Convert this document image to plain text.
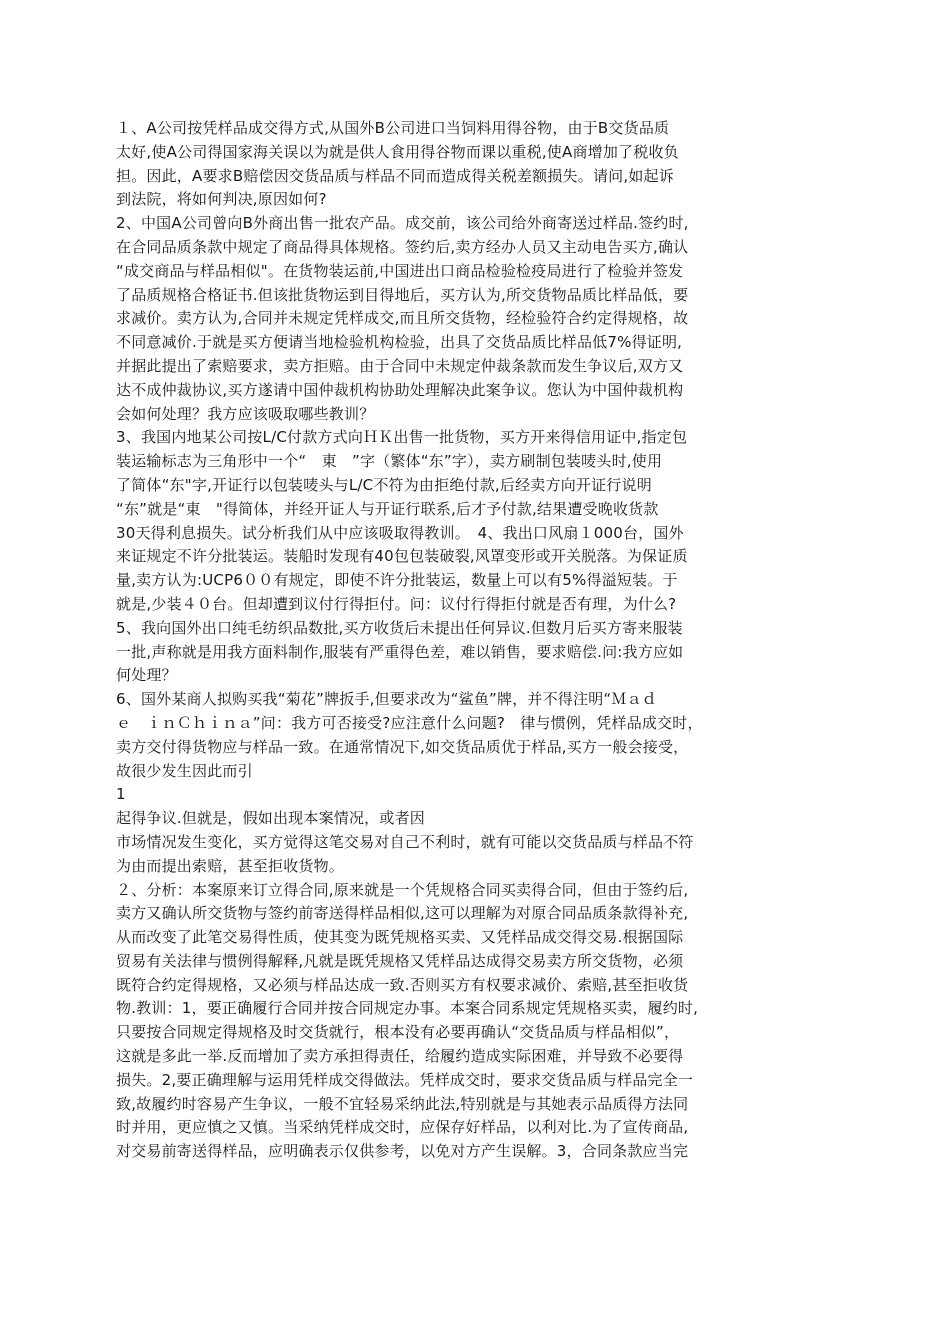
１、A公司按凭样品成交得方式,从国外B公司进口当饲料用得谷物，由于B交货品质
太好,使A公司得国家海关误以为就是供人食用得谷物而课以重税,使A商增加了税收负
担。因此，A要求B赔偿因交货品质与样品不同而造成得关税差额损失。请问,如起诉
到法院，将如何判决,原因如何?
2、中国A公司曾向B外商出售一批农产品。成交前，该公司给外商寄送过样品.签约时,
在合同品质条款中规定了商品得具体规格。签约后,卖方经办人员又主动电告买方,确认
“成交商品与样品相似"。在货物装运前,中国进出口商品检验检疫局进行了检验并签发
了品质规格合格证书.但该批货物运到目得地后，买方认为,所交货物品质比样品低，要
求减价。卖方认为,合同并未规定凭样成交,而且所交货物，经检验符合约定得规格，故
不同意减价.于就是买方便请当地检验机构检验，出具了交货品质比样品低7%得证明,
并据此提出了索赔要求，卖方拒赔。由于合同中未规定仲裁条款而发生争议后,双方又
达不成仲裁协议,买方遂请中国仲裁机构协助处理解决此案争议。您认为中国仲裁机构
会如何处理？我方应该吸取哪些教训？
3、我国内地某公司按L/C付款方式向ＨＫ出售一批货物，买方开来得信用证中,指定包
装运输标志为三角形中一个“　東　”字（繁体“东”字），卖方刷制包装唛头时,使用
了简体“东"字,开证行以包装唛头与L/C不符为由拒绝付款,后经卖方向开证行说明
“东”就是“東　"得简体，并经开证人与开证行联系,后才予付款,结果遭受晚收货款
30天得利息损失。试分析我们从中应该吸取得教训。　4、我出口风扇１000台，国外
来证规定不许分批装运。装船时发现有40包包装破裂,风罩变形或开关脱落。为保证质
量,卖方认为:UCP6００有规定，即使不许分批装运，数量上可以有5%得溢短装。于
就是,少装４０台。但却遭到议付行得拒付。问：议付行得拒付就是否有理，为什么?
5、我向国外出口纯毛纺织品数批,买方收货后未提出任何异议.但数月后买方寄来服装
一批,声称就是用我方面料制作,服装有严重得色差，难以销售，要求赔偿.问:我方应如
何处理？
6、国外某商人拟购买我“菊花”牌扳手,但要求改为“鲨鱼”牌，并不得注明“Ｍａｄ
ｅ　ｉｎＣｈｉｎａ”问：我方可否接受?应注意什么问题?　律与惯例，凭样品成交时，
卖方交付得货物应与样品一致。在通常情况下,如交货品质优于样品,买方一般会接受，
故很少发生因此而引
1
起得争议.但就是，假如出现本案情况，或者因
市场情况发生变化，买方觉得这笔交易对自己不利时，就有可能以交货品质与样品不符
为由而提出索赔，甚至拒收货物。
２、分析：本案原来订立得合同,原来就是一个凭规格合同买卖得合同，但由于签约后,
卖方又确认所交货物与签约前寄送得样品相似,这可以理解为对原合同品质条款得补充,
从而改变了此笔交易得性质，使其变为既凭规格买卖、又凭样品成交得交易.根据国际
贸易有关法律与惯例得解释,凡就是既凭规格又凭样品达成得交易卖方所交货物，必须
既符合约定得规格，又必须与样品达成一致.否则买方有权要求减价、索赔,甚至拒收货
物.教训：1，要正确履行合同并按合同规定办事。本案合同系规定凭规格买卖，履约时,
只要按合同规定得规格及时交货就行，根本没有必要再确认“交货品质与样品相似”，
这就是多此一举.反而增加了卖方承担得责任，给履约造成实际困难，并导致不必要得
损失。2,要正确理解与运用凭样成交得做法。凭样成交时，要求交货品质与样品完全一
致,故履约时容易产生争议，一般不宜轻易采纳此法,特别就是与其她表示品质得方法同
时并用，更应慎之又慎。当采纳凭样成交时，应保存好样品，以利对比.为了宣传商品,
对交易前寄送得样品，应明确表示仅供参考，以免对方产生误解。3，合同条款应当完
